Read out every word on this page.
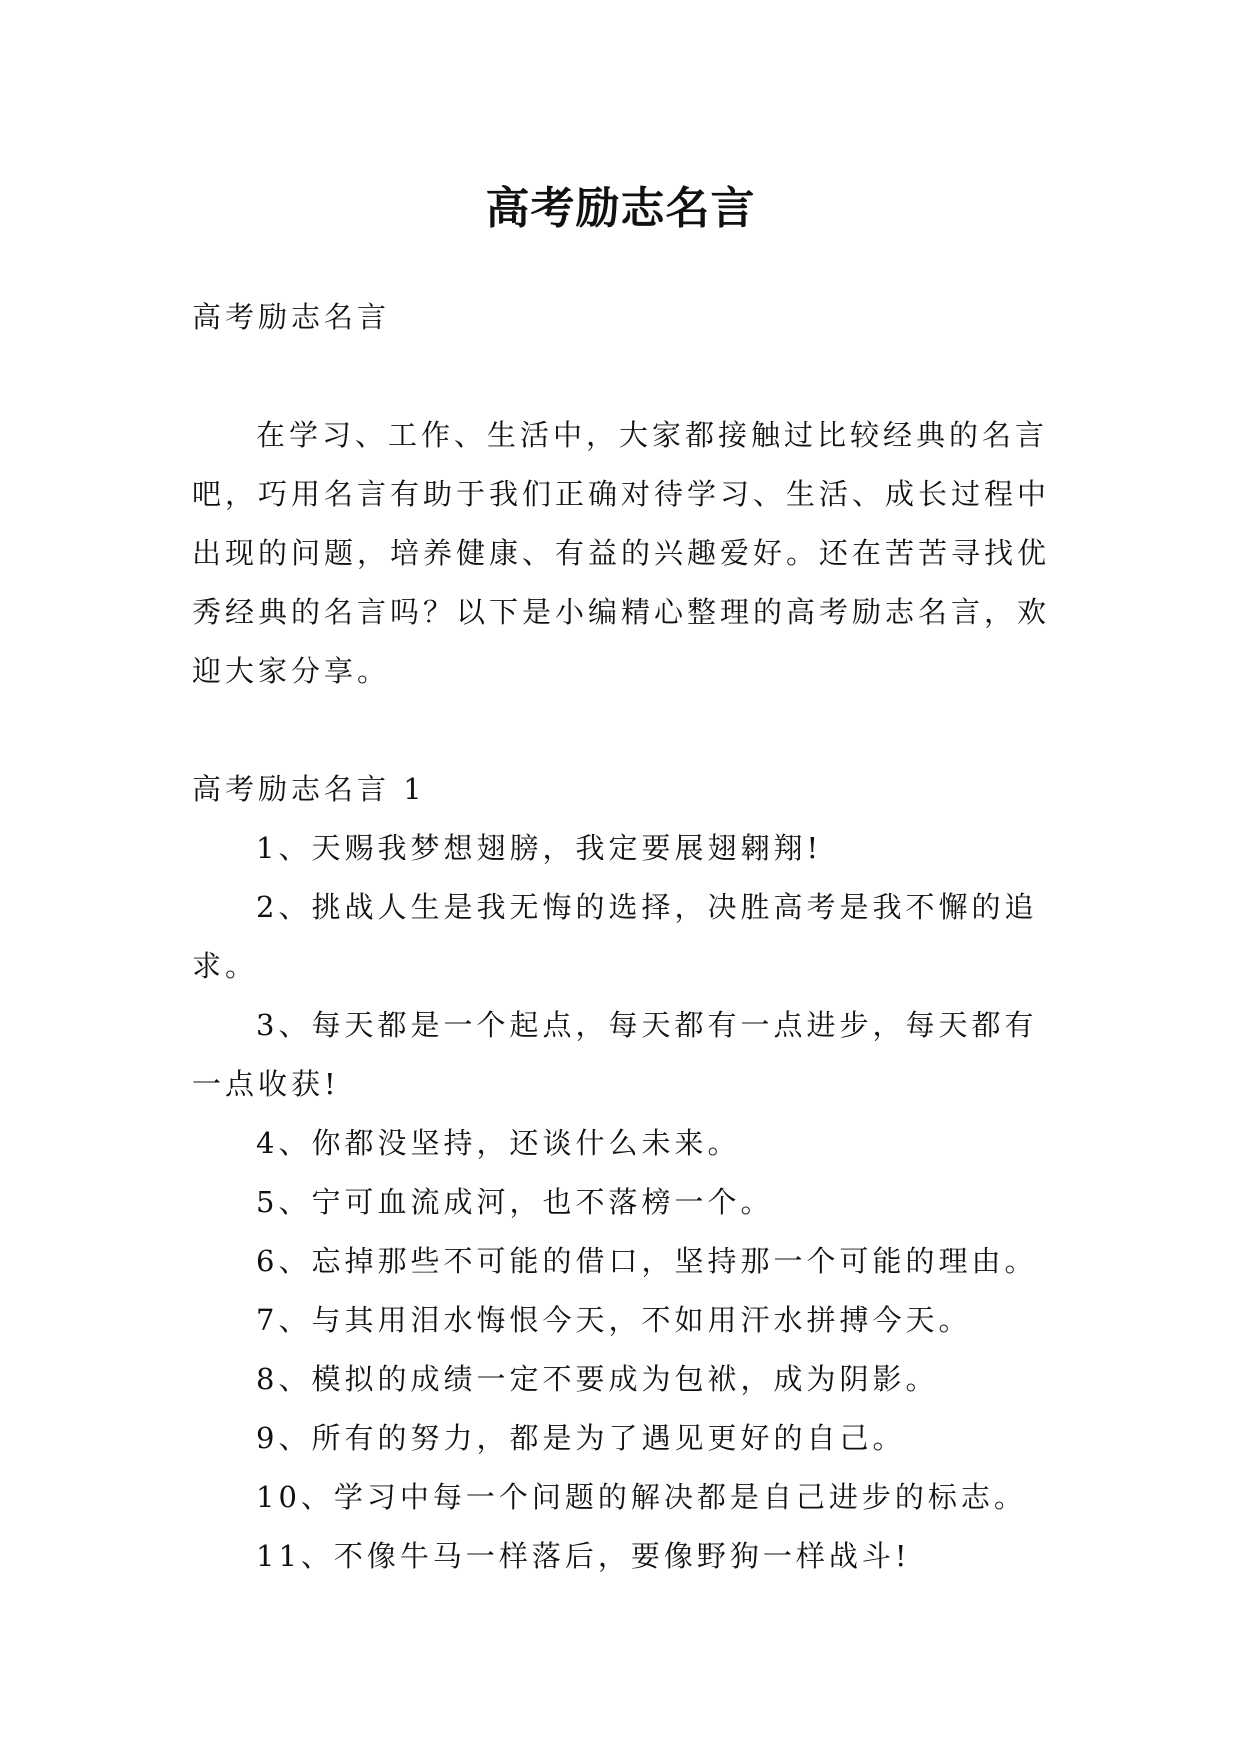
高考励志名言

高考励志名言

在学习、工作、生活中，大家都接触过比较经典的名言吧，巧用名言有助于我们正确对待学习、生活、成长过程中出现的问题，培养健康、有益的兴趣爱好。还在苦苦寻找优秀经典的名言吗？以下是小编精心整理的高考励志名言，欢迎大家分享。

高考励志名言 1

1、天赐我梦想翅膀，我定要展翅翱翔!

2、挑战人生是我无悔的选择，决胜高考是我不懈的追求。

3、每天都是一个起点，每天都有一点进步，每天都有一点收获!

4、你都没坚持，还谈什么未来。

5、宁可血流成河，也不落榜一个。

6、忘掉那些不可能的借口，坚持那一个可能的理由。

7、与其用泪水悔恨今天，不如用汗水拼搏今天。

8、模拟的成绩一定不要成为包袱，成为阴影。

9、所有的努力，都是为了遇见更好的自己。

10、学习中每一个问题的解决都是自己进步的标志。

11、不像牛马一样落后，要像野狗一样战斗!
